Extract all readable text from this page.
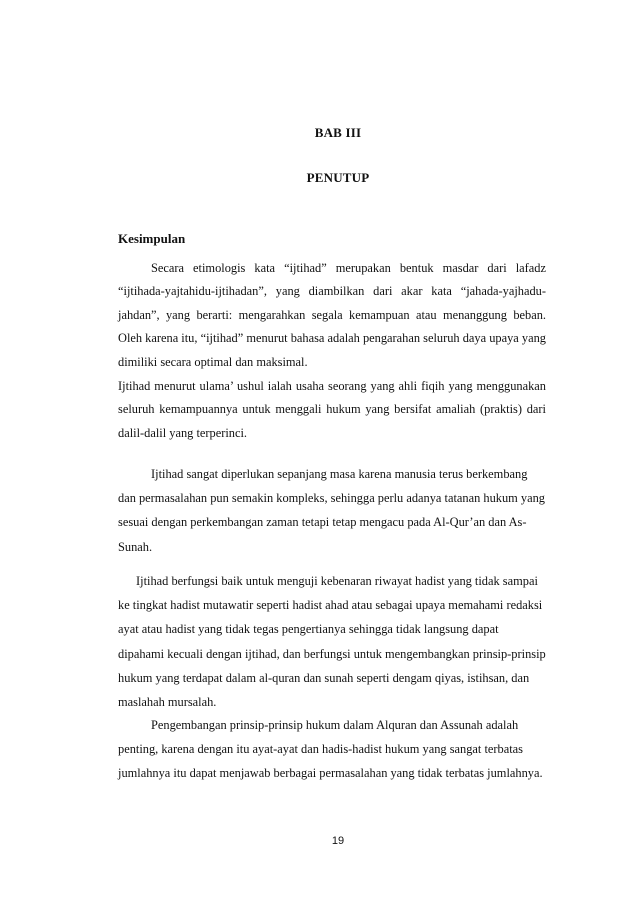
BAB III
PENUTUP
Kesimpulan

Secara etimologis kata “ijtihad” merupakan bentuk masdar dari lafadz “ijtihada-yajtahidu-ijtihadan”, yang diambilkan dari akar kata “jahada-yajhadu-jahdan”, yang berarti: mengarahkan segala kemampuan atau menanggung beban. Oleh karena itu, “ijtihad” menurut bahasa adalah pengarahan seluruh daya upaya yang dimiliki secara optimal dan maksimal.

Ijtihad menurut ulama’ ushul ialah usaha seorang yang ahli fiqih yang menggunakan seluruh kemampuannya untuk menggali hukum yang bersifat amaliah (praktis) dari dalil-dalil yang terperinci.

Ijtihad sangat diperlukan sepanjang masa karena manusia terus berkembang dan permasalahan pun semakin kompleks, sehingga perlu adanya tatanan hukum yang sesuai dengan perkembangan zaman tetapi tetap mengacu pada Al-Qur’an dan As-Sunah.

Ijtihad berfungsi baik untuk menguji kebenaran riwayat hadist yang tidak sampai ke tingkat hadist mutawatir seperti hadist ahad atau sebagai upaya memahami redaksi ayat atau hadist yang tidak tegas pengertianya sehingga tidak langsung dapat dipahami kecuali dengan ijtihad, dan berfungsi untuk mengembangkan prinsip-prinsip hukum yang terdapat dalam al-quran dan sunah seperti dengam qiyas, istihsan, dan maslahah mursalah.

Pengembangan prinsip-prinsip hukum dalam Alquran dan Assunah adalah penting, karena dengan itu ayat-ayat dan hadis-hadist hukum yang sangat terbatas jumlahnya itu dapat menjawab berbagai permasalahan yang tidak terbatas jumlahnya.

19
